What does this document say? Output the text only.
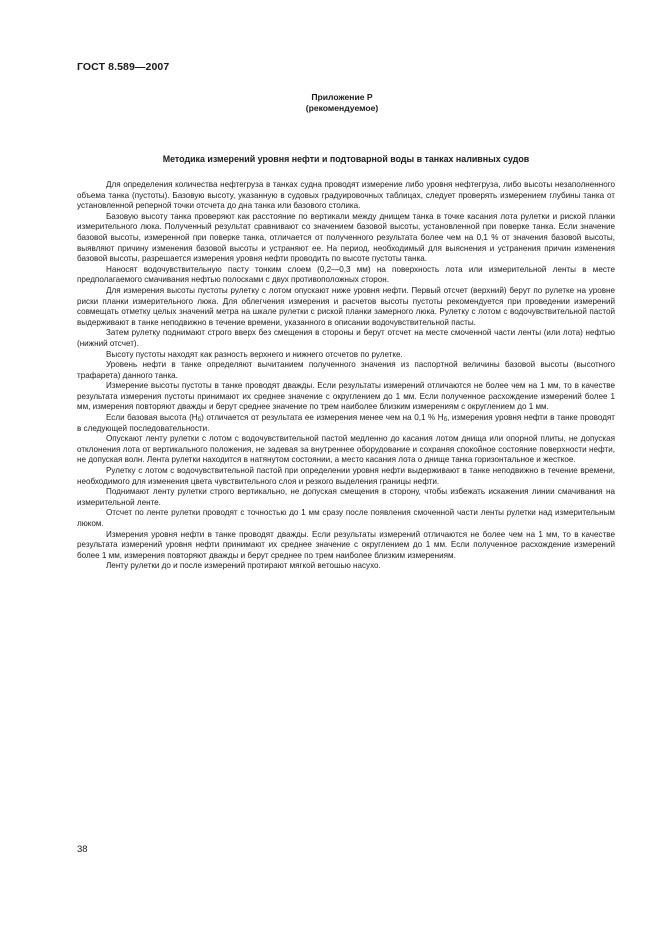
ГОСТ 8.589—2007
Приложение Р
(рекомендуемое)
Методика измерений уровня нефти и подтоварной воды в танках наливных судов

Для определения количества нефтегруза в танках судна проводят измерение либо уровня нефтегруза, либо высоты незаполненного объема танка (пустоты). Базовую высоту, указанную в судовых градуировочных таблицах, следует проверять измерением глубины танка от установленной реперной точки отсчета до дна танка или базового столика.

Базовую высоту танка проверяют как расстояние по вертикали между днищем танка в точке касания лота рулетки и риской планки измерительного люка. Полученный результат сравнивают со значением базовой высоты, установленной при поверке танка. Если значение базовой высоты, измеренной при поверке танка, отличается от полученного результата более чем на 0,1 % от значения базовой высоты, выявляют причину изменения базовой высоты и устраняют ее. На период, необходимый для выяснения и устранения причин изменения базовой высоты, разрешается измерения уровня нефти проводить по высоте пустоты танка.

Наносят водочувствительную пасту тонким слоем (0,2—0,3 мм) на поверхность лота или измерительной ленты в месте предполагаемого смачивания нефтью полосками с двух противоположных сторон.

Для измерения высоты пустоты рулетку с лотом опускают ниже уровня нефти. Первый отсчет (верхний) берут по рулетке на уровне риски планки измерительного люка. Для облегчения измерения и расчетов высоты пустоты рекомендуется при проведении измерений совмещать отметку целых значений метра на шкале рулетки с риской планки замерного люка. Рулетку с лотом с водочувствительной пастой выдерживают в танке неподвижно в течение времени, указанного в описании водочувствительной пасты.

Затем рулетку поднимают строго вверх без смещения в стороны и берут отсчет на месте смоченной части ленты (или лота) нефтью (нижний отсчет).

Высоту пустоты находят как разность верхнего и нижнего отсчетов по рулетке.

Уровень нефти в танке определяют вычитанием полученного значения из паспортной величины базовой высоты (высотного трафарета) данного танка.

Измерение высоты пустоты в танке проводят дважды. Если результаты измерений отличаются не более чем на 1 мм, то в качестве результата измерения пустоты принимают их среднее значение с округлением до 1 мм. Если полученное расхождение измерений более 1 мм, измерения повторяют дважды и берут среднее значение по трем наиболее близким измерениям с округлением до 1 мм.

Если базовая высота $(Н_б)$ отличается от результата ее измерения менее чем на 0,1 % $Н_б$, измерения уровня нефти в танке проводят в следующей последовательности.

Опускают ленту рулетки с лотом с водочувствительной пастой медленно до касания лотом днища или опорной плиты, не допуская отклонения лота от вертикального положения, не задевая за внутреннее оборудование и сохраняя спокойное состояние поверхности нефти, не допуская волн. Лента рулетки находится в натянутом состоянии, а место касания лота о днище танка горизонтальное и жесткое.

Рулетку с лотом с водочувствительной пастой при определении уровня нефти выдерживают в танке неподвижно в течение времени, необходимого для изменения цвета чувствительного слоя и резкого выделения границы нефти.

Поднимают ленту рулетки строго вертикально, не допуская смещения в сторону, чтобы избежать искажения линии смачивания на измерительной ленте.

Отсчет по ленте рулетки проводят с точностью до 1 мм сразу после появления смоченной части ленты рулетки над измерительным люком.

Измерения уровня нефти в танке проводят дважды. Если результаты измерений отличаются не более чем на 1 мм, то в качестве результата измерений уровня нефти принимают их среднее значение с округлением до 1 мм. Если полученное расхождение измерений более 1 мм, измерения повторяют дважды и берут среднее по трем наиболее близким измерениям.

Ленту рулетки до и после измерений протирают мягкой ветошью насухо.

38
